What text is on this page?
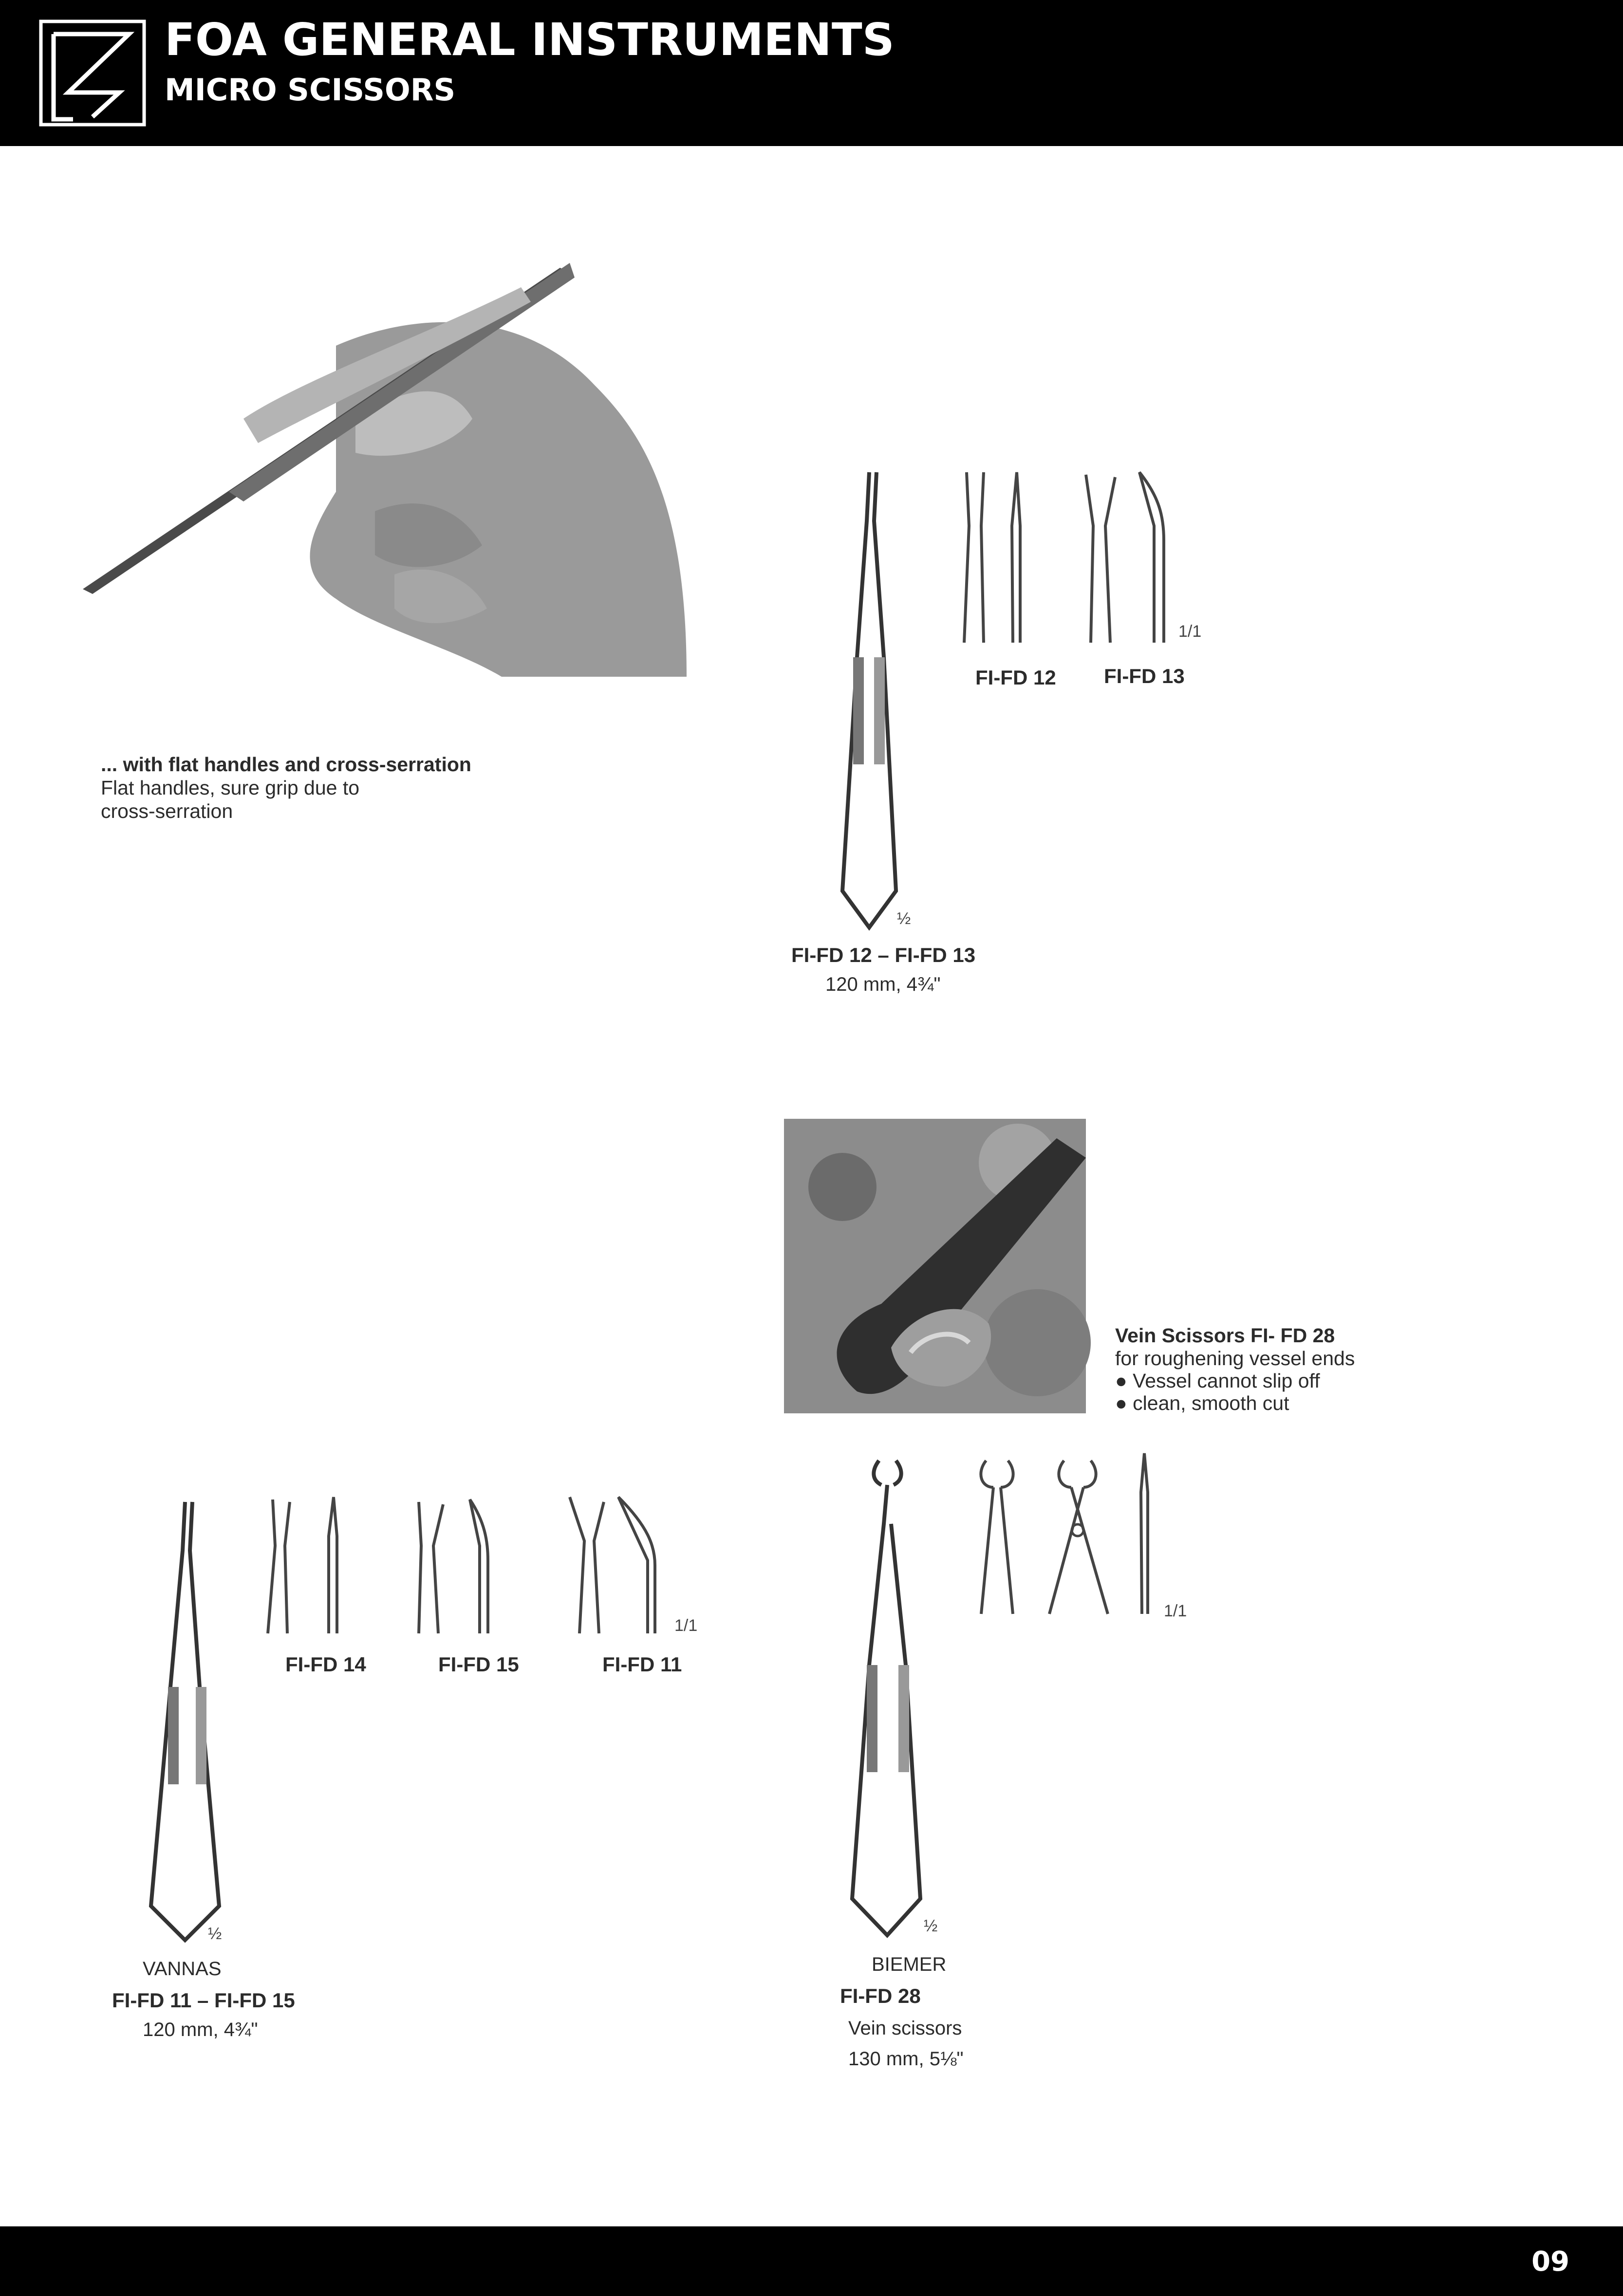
FOA GENERAL INSTRUMENTS
MICRO SCISSORS
... with flat handles and cross-serration
Flat handles, sure grip due to
cross-serration
1/1
FI-FD 12 FI-FD 13
½
FI-FD 12 – FI-FD 13
120 mm, 4¾"
Vein Scissors FI- FD 28
for roughening vessel ends
● Vessel cannot slip off
● clean, smooth cut
1/1
FI-FD 14	FI-FD 15	FI-FD 11
½
VANNAS
FI-FD 11 – FI-FD 15
120 mm, 4¾"
1/1
½
BIEMER
FI-FD 28
Vein scissors
130 mm, 5⅛"
09
